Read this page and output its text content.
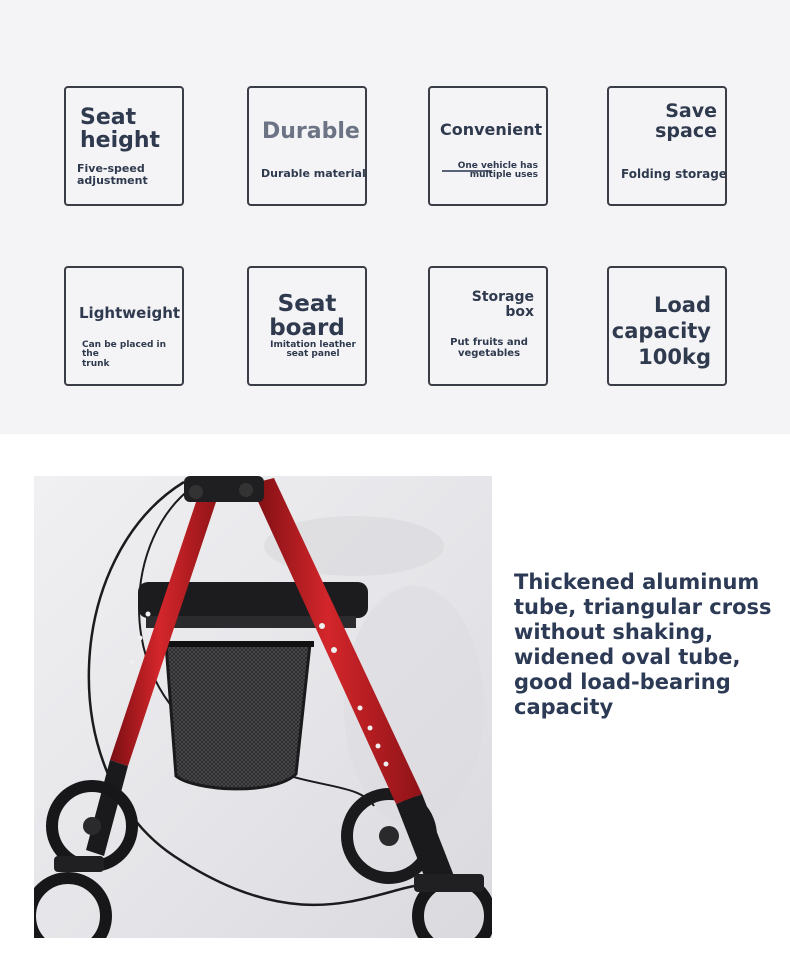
Seat
height
Five-speed
adjustment
Durable
Durable material
Convenient
One vehicle has
multiple uses
Save
space
Folding storage
Lightweight
Can be placed in the
trunk
Seat
board
Imitation leather
seat panel
Storage
box
Put fruits and
vegetables
Load
capacity
100kg
Thickened aluminum
tube, triangular cross
without shaking,
widened oval tube,
good load-bearing
capacity
